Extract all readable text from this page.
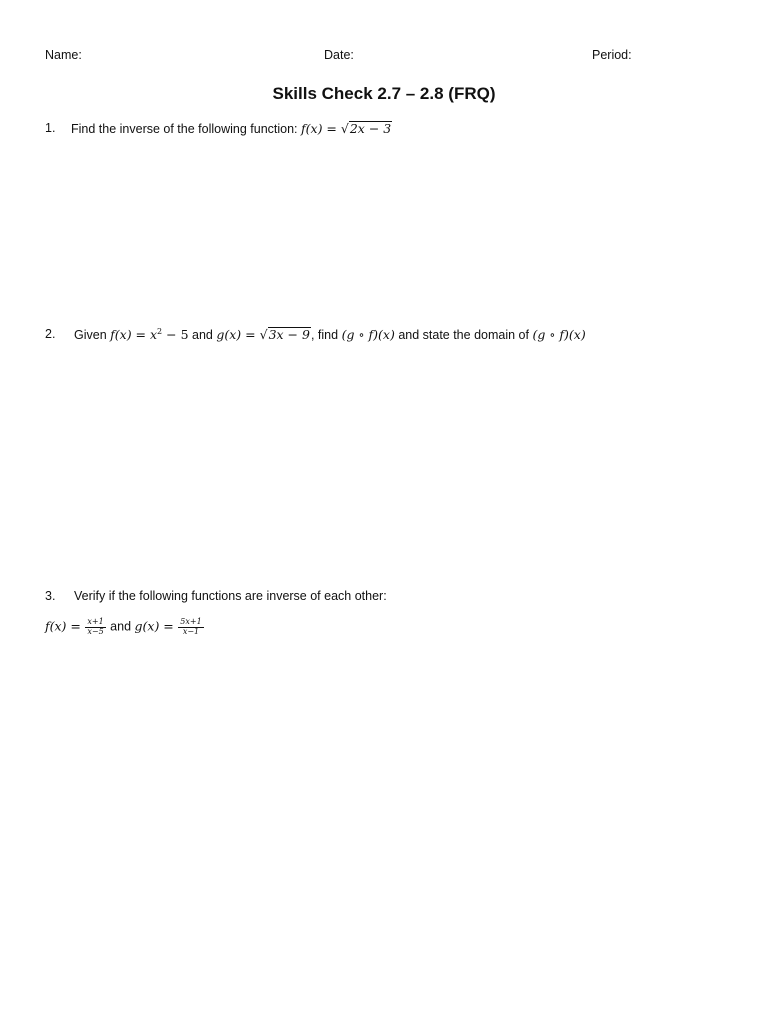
Name:	Date:	Period:
Skills Check 2.7 – 2.8 (FRQ)
1. Find the inverse of the following function: f(x) = √2x − 3
2. Given $f(x) = x^2 - 5$ and g(x) = √3x − 9, find (g ∘ f)(x) and state the domain of (g ∘ f)(x)
3. Verify if the following functions are inverse of each other:
$f(x) = \frac{x+1}{x-5}$ and $g(x) = \frac{5x+1}{x-1}$
